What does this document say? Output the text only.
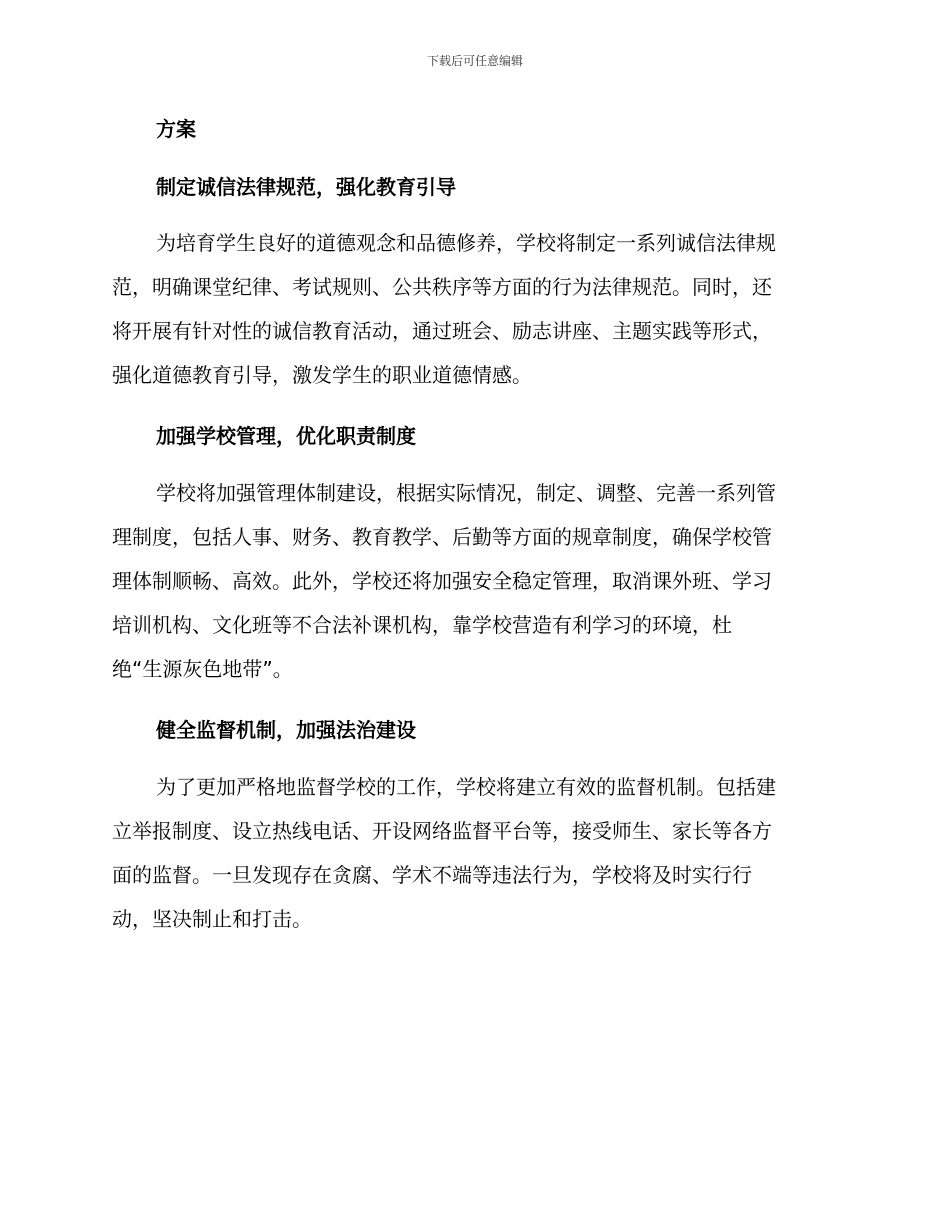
下载后可任意编辑
方案
制定诚信法律规范，强化教育引导
为培育学生良好的道德观念和品德修养，学校将制定一系列诚信法律规
范，明确课堂纪律、考试规则、公共秩序等方面的行为法律规范。同时，还
将开展有针对性的诚信教育活动，通过班会、励志讲座、主题实践等形式，
强化道德教育引导，激发学生的职业道德情感。
加强学校管理，优化职责制度
学校将加强管理体制建设，根据实际情况，制定、调整、完善一系列管
理制度，包括人事、财务、教育教学、后勤等方面的规章制度，确保学校管
理体制顺畅、高效。此外，学校还将加强安全稳定管理，取消课外班、学习
培训机构、文化班等不合法补课机构，靠学校营造有利学习的环境，杜
绝“生源灰色地带”。
健全监督机制，加强法治建设
为了更加严格地监督学校的工作，学校将建立有效的监督机制。包括建
立举报制度、设立热线电话、开设网络监督平台等，接受师生、家长等各方
面的监督。一旦发现存在贪腐、学术不端等违法行为，学校将及时实行行
动，坚决制止和打击。
